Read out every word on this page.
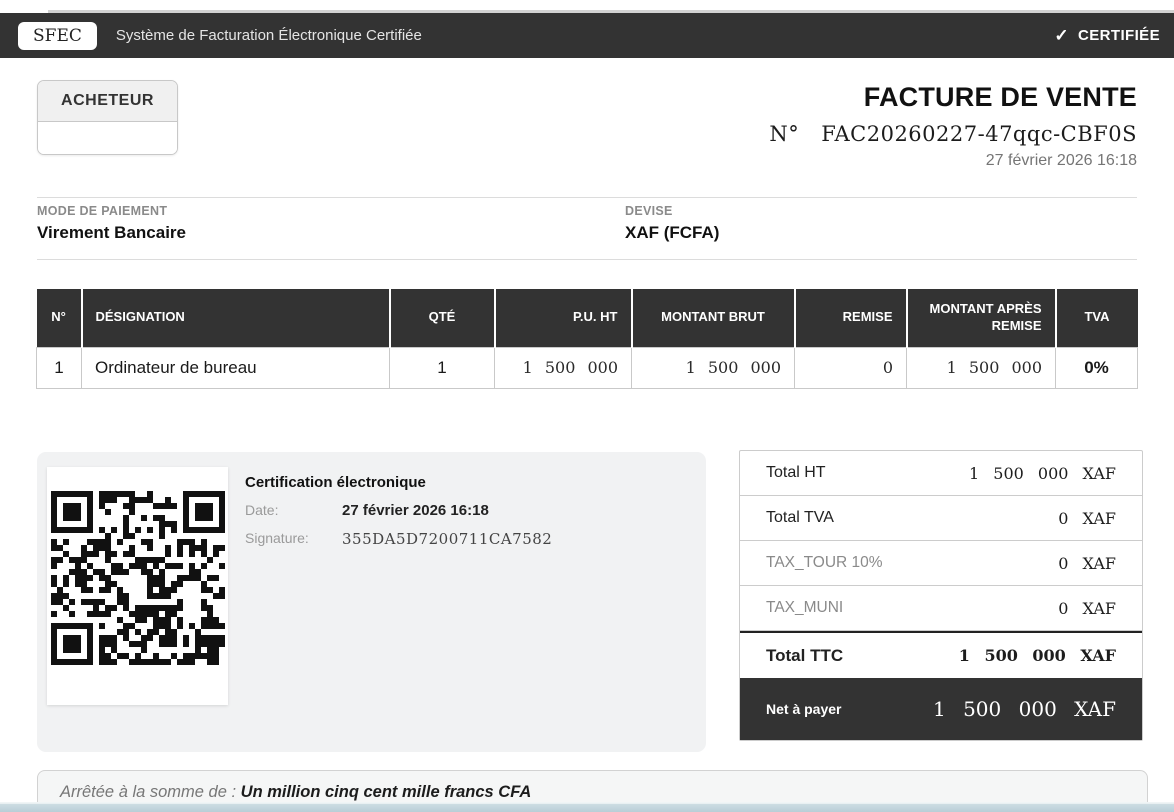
SFEC	Système de Facturation Électronique Certifiée	✓ CERTIFIÉE
ACHETEUR	FACTURE DE VENTE
N° FAC20260227-47qqc-CBF0S
27 février 2026 16:18
MODE DE PAIEMENT
Virement Bancaire
DEVISE
XAF (FCFA)
N°	DÉSIGNATION	QTÉ	P.U. HT	MONTANT BRUT	REMISE	MONTANT APRÈS REMISE	TVA
1	Ordinateur de bureau	1	1 500 000	1 500 000	0	1 500 000	0%
Certification électronique
Date:	27 février 2026 16:18
Signature:	355DA5D7200711CA7582
Total HT	1 500 000 XAF
Total TVA	0 XAF
TAX_TOUR 10%	0 XAF
TAX_MUNI	0 XAF
Total TTC	1 500 000 XAF
Net à payer	1 500 000 XAF
Arrêtée à la somme de : Un million cinq cent mille francs CFA
